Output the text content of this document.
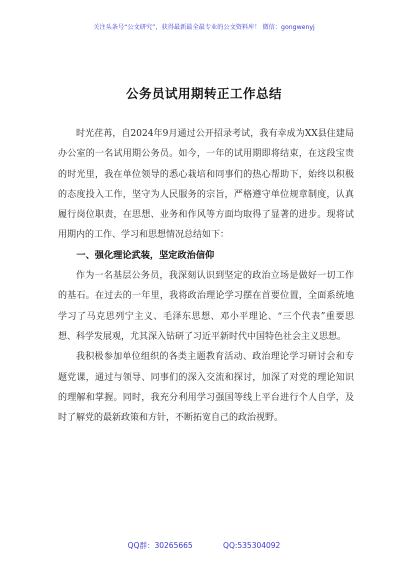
关注头条号“公文研究”，获得最新最全最专业的公文资料库！ 微信：gongwenyj
公务员试用期转正工作总结

时光荏苒，自2024年9月通过公开招录考试，我有幸成为XX县住建局办公室的一名试用期公务员。如今，一年的试用期即将结束，在这段宝贵的时光里，我在单位领导的悉心栽培和同事们的热心帮助下，始终以积极的态度投入工作，坚守为人民服务的宗旨，严格遵守单位规章制度，认真履行岗位职责，在思想、业务和作风等方面均取得了显著的进步。现将试用期内的工作、学习和思想情况总结如下：

一、强化理论武装，坚定政治信仰

作为一名基层公务员，我深刻认识到坚定的政治立场是做好一切工作的基石。在过去的一年里，我将政治理论学习摆在首要位置，全面系统地学习了马克思列宁主义、毛泽东思想、邓小平理论、“三个代表”重要思想、科学发展观，尤其深入钻研了习近平新时代中国特色社会主义思想。

我积极参加单位组织的各类主题教育活动、政治理论学习研讨会和专题党课，通过与领导、同事们的深入交流和探讨，加深了对党的理论知识的理解和掌握。同时，我充分利用学习强国等线上平台进行个人自学，及时了解党的最新政策和方针，不断拓宽自己的政治视野。

QQ群：30265665	QQ:535304092
